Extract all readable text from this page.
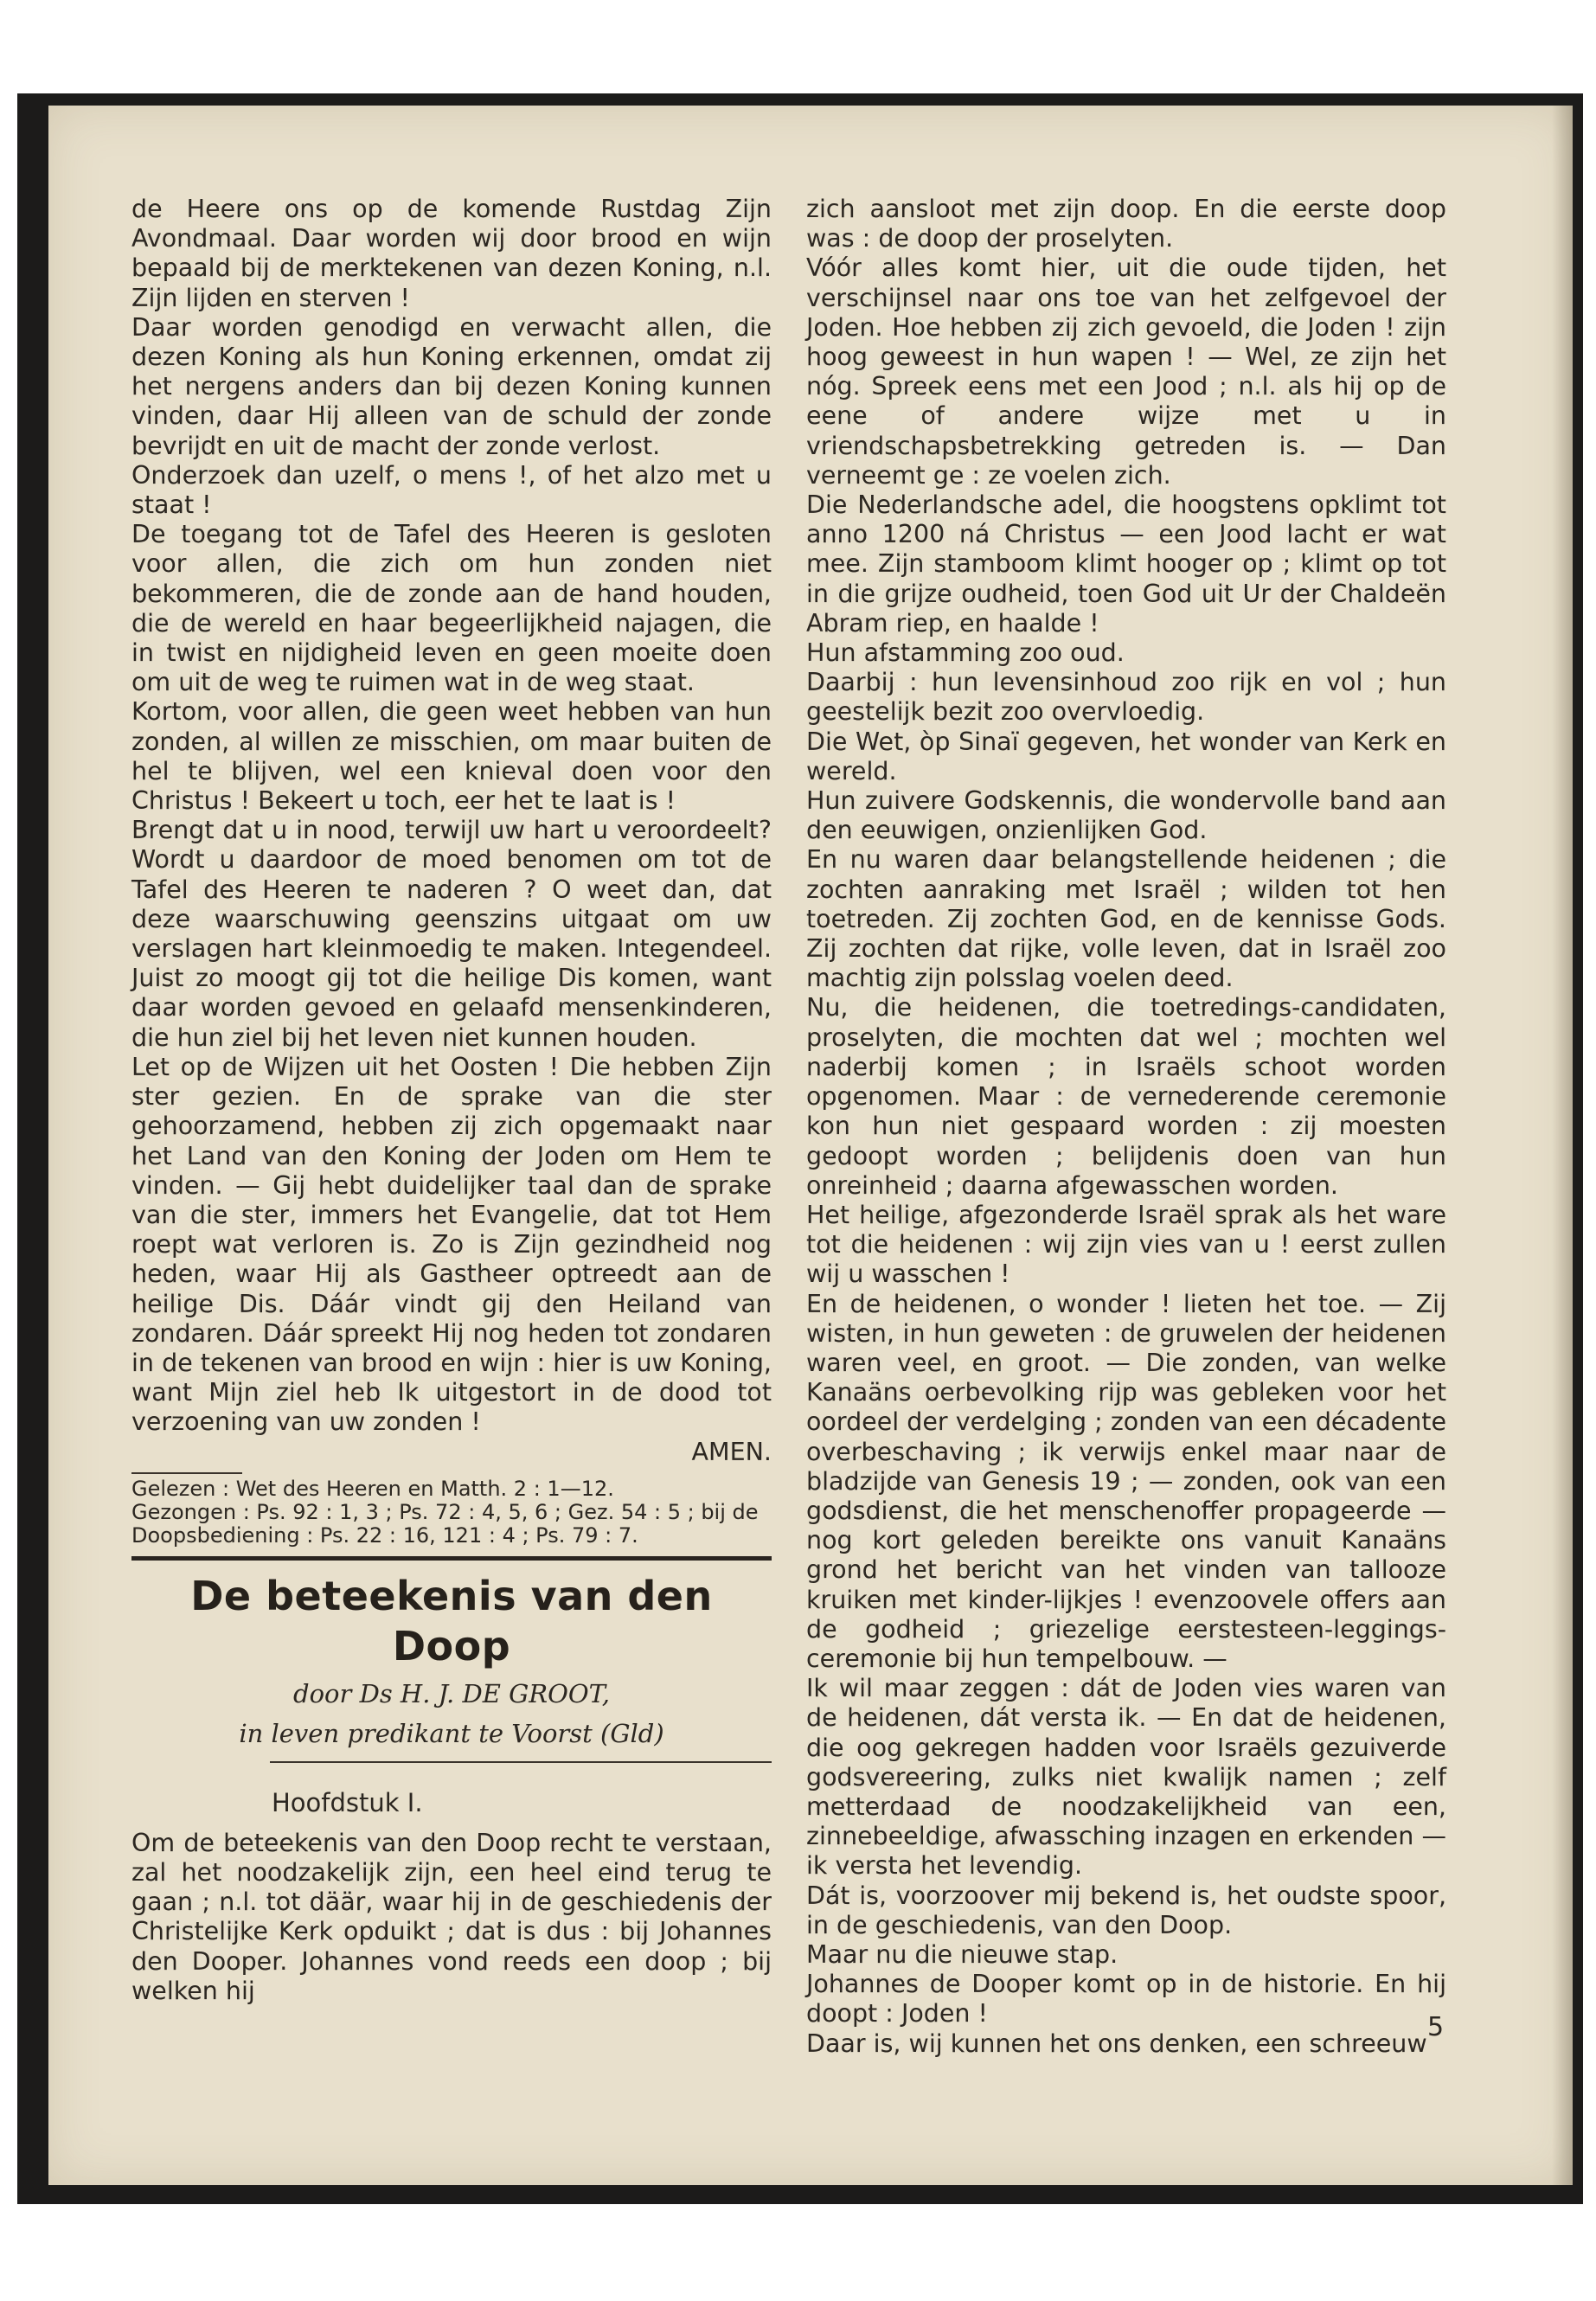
de Heere ons op de komende Rustdag Zijn Avondmaal. Daar worden wij door brood en wijn bepaald bij de merktekenen van dezen Koning, n.l. Zijn lijden en sterven !

Daar worden genodigd en verwacht allen, die dezen Koning als hun Koning erkennen, omdat zij het nergens anders dan bij dezen Koning kunnen vinden, daar Hij alleen van de schuld der zonde bevrijdt en uit de macht der zonde verlost.

Onderzoek dan uzelf, o mens !, of het alzo met u staat !

De toegang tot de Tafel des Heeren is gesloten voor allen, die zich om hun zonden niet bekommeren, die de zonde aan de hand houden, die de wereld en haar begeerlijkheid najagen, die in twist en nijdigheid leven en geen moeite doen om uit de weg te ruimen wat in de weg staat.

Kortom, voor allen, die geen weet hebben van hun zonden, al willen ze misschien, om maar buiten de hel te blijven, wel een knieval doen voor den Christus ! Bekeert u toch, eer het te laat is !

Brengt dat u in nood, terwijl uw hart u veroordeelt? Wordt u daardoor de moed benomen om tot de Tafel des Heeren te naderen ? O weet dan, dat deze waarschuwing geenszins uitgaat om uw verslagen hart kleinmoedig te maken. Integendeel. Juist zo moogt gij tot die heilige Dis komen, want daar worden gevoed en gelaafd mensenkinderen, die hun ziel bij het leven niet kunnen houden.

Let op de Wijzen uit het Oosten ! Die hebben Zijn ster gezien. En de sprake van die ster gehoorzamend, hebben zij zich opgemaakt naar het Land van den Koning der Joden om Hem te vinden. — Gij hebt duidelijker taal dan de sprake van die ster, immers het Evangelie, dat tot Hem roept wat verloren is. Zo is Zijn gezindheid nog heden, waar Hij als Gastheer optreedt aan de heilige Dis. Dáár vindt gij den Heiland van zondaren. Dáár spreekt Hij nog heden tot zondaren in de tekenen van brood en wijn : hier is uw Koning, want Mijn ziel heb Ik uitgestort in de dood tot verzoening van uw zonden !

AMEN.

Gelezen : Wet des Heeren en Matth. 2 : 1—12.

Gezongen : Ps. 92 : 1, 3 ; Ps. 72 : 4, 5, 6 ; Gez. 54 : 5 ; bij de Doopsbediening : Ps. 22 : 16, 121 : 4 ; Ps. 79 : 7.

De beteekenis van den Doop
door Ds H. J. DE GROOT,
in leven predikant te Voorst (Gld)
Hoofdstuk I.

Om de beteekenis van den Doop recht te verstaan, zal het noodzakelijk zijn, een heel eind terug te gaan ; n.l. tot däär, waar hij in de geschiedenis der Christelijke Kerk opduikt ; dat is dus : bij Johannes den Dooper. Johannes vond reeds een doop ; bij welken hij

zich aansloot met zijn doop. En die eerste doop was : de doop der proselyten.

Vóór alles komt hier, uit die oude tijden, het verschijnsel naar ons toe van het zelfgevoel der Joden. Hoe hebben zij zich gevoeld, die Joden ! zijn hoog geweest in hun wapen ! — Wel, ze zijn het nóg. Spreek eens met een Jood ; n.l. als hij op de eene of andere wijze met u in vriendschapsbetrekking getreden is. — Dan verneemt ge : ze voelen zich.

Die Nederlandsche adel, die hoogstens opklimt tot anno 1200 ná Christus — een Jood lacht er wat mee. Zijn stamboom klimt hooger op ; klimt op tot in die grijze oudheid, toen God uit Ur der Chaldeën Abram riep, en haalde !

Hun afstamming zoo oud.

Daarbij : hun levensinhoud zoo rijk en vol ; hun geestelijk bezit zoo overvloedig.

Die Wet, òp Sinaï gegeven, het wonder van Kerk en wereld.

Hun zuivere Godskennis, die wondervolle band aan den eeuwigen, onzienlijken God.

En nu waren daar belangstellende heidenen ; die zochten aanraking met Israël ; wilden tot hen toetreden. Zij zochten God, en de kennisse Gods. Zij zochten dat rijke, volle leven, dat in Israël zoo machtig zijn polsslag voelen deed.

Nu, die heidenen, die toetredings-candidaten, proselyten, die mochten dat wel ; mochten wel naderbij komen ; in Israëls schoot worden opgenomen. Maar : de vernederende ceremonie kon hun niet gespaard worden : zij moesten gedoopt worden ; belijdenis doen van hun onreinheid ; daarna afgewasschen worden.

Het heilige, afgezonderde Israël sprak als het ware tot die heidenen : wij zijn vies van u ! eerst zullen wij u wasschen !

En de heidenen, o wonder ! lieten het toe. — Zij wisten, in hun geweten : de gruwelen der heidenen waren veel, en groot. — Die zonden, van welke Kanaäns oerbevolking rijp was gebleken voor het oordeel der verdelging ; zonden van een décadente overbeschaving ; ik verwijs enkel maar naar de bladzijde van Genesis 19 ; — zonden, ook van een godsdienst, die het menschenoffer propageerde — nog kort geleden bereikte ons vanuit Kanaäns grond het bericht van het vinden van tallooze kruiken met kinder-lijkjes ! evenzoovele offers aan de godheid ; griezelige eerstesteen-leggings-ceremonie bij hun tempelbouw. —

Ik wil maar zeggen : dát de Joden vies waren van de heidenen, dát versta ik. — En dat de heidenen, die oog gekregen hadden voor Israëls gezuiverde godsvereering, zulks niet kwalijk namen ; zelf metterdaad de noodzakelijkheid van een, zinnebeeldige, afwassching inzagen en erkenden — ik versta het levendig.

Dát is, voorzoover mij bekend is, het oudste spoor, in de geschiedenis, van den Doop.

Maar nu die nieuwe stap.

Johannes de Dooper komt op in de historie. En hij doopt : Joden !

Daar is, wij kunnen het ons denken, een schreeuw

5
